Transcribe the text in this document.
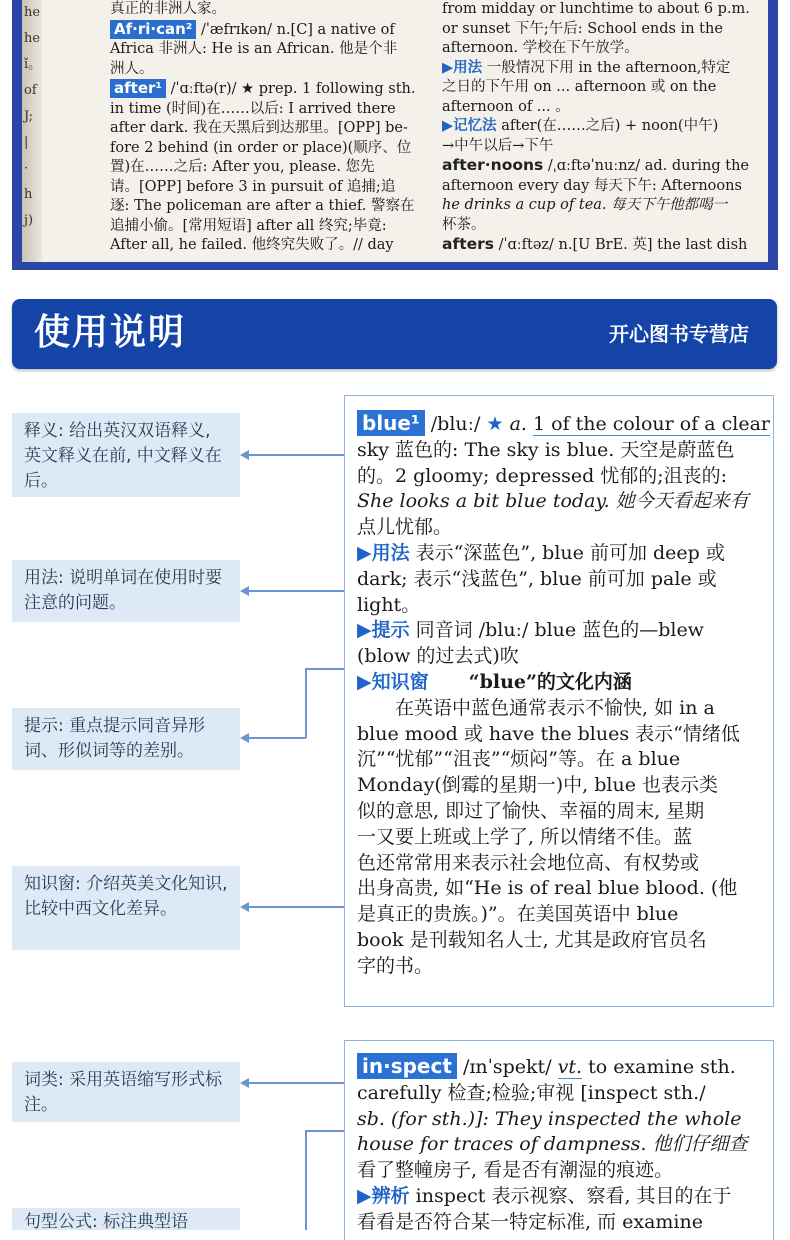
he
he
ǐ。
of
J;
|
·
h
j)
真正的非洲人家。
Af·ri·can² /ˈæfrɪkən/ n.[C] a native of
Africa 非洲人: He is an African. 他是个非
洲人。
after¹ /ˈɑːftə(r)/ ★ prep. 1 following sth.
in time (时间)在……以后: I arrived there
after dark. 我在天黑后到达那里。[OPP] be-
fore 2 behind (in order or place)(顺序、位
置)在……之后: After you, please. 您先
请。[OPP] before 3 in pursuit of 追捕;追
逐: The policeman are after a thief. 警察在
追捕小偷。[常用短语] after all 终究;毕竟:
After all, he failed. 他终究失败了。// day
from midday or lunchtime to about 6 p.m.
or sunset 下午;午后: School ends in the
afternoon. 学校在下午放学。
▶用法 一般情况下用 in the afternoon,特定
之日的下午用 on ... afternoon 或 on the
afternoon of ... 。
▶记忆法 after(在……之后) + noon(中午)
→中午以后→下午
after·noons /ˌɑːftəˈnuːnz/ ad. during the
afternoon every day 每天下午: Afternoons
he drinks a cup of tea. 每天下午他都喝一
杯茶。
afters /ˈɑːftəz/ n.[U BrE. 英] the last dish
使用说明	开心图书专营店
释义: 给出英汉双语释义, 英文释义在前, 中文释义在后。
用法: 说明单词在使用时要注意的问题。
提示: 重点提示同音异形词、形似词等的差别。
知识窗: 介绍英美文化知识, 比较中西文化差异。
词类: 采用英语缩写形式标注。
句型公式: 标注典型语
blue¹ /bluː/ ★ a. 1 of the colour of a clear
sky 蓝色的: The sky is blue. 天空是蔚蓝色
的。2 gloomy; depressed 忧郁的;沮丧的:
She looks a bit blue today. 她今天看起来有
点儿忧郁。
▶用法 表示“深蓝色”, blue 前可加 deep 或
dark; 表示“浅蓝色”, blue 前可加 pale 或
light。
▶提示 同音词 /bluː/ blue 蓝色的—blew
(blow 的过去式)吹
▶知识窗 “blue”的文化内涵
在英语中蓝色通常表示不愉快, 如 in a
blue mood 或 have the blues 表示“情绪低
沉”“忧郁”“沮丧”“烦闷”等。在 a blue
Monday(倒霉的星期一)中, blue 也表示类
似的意思, 即过了愉快、幸福的周末, 星期
一又要上班或上学了, 所以情绪不佳。蓝
色还常常用来表示社会地位高、有权势或
出身高贵, 如“He is of real blue blood. (他
是真正的贵族。)”。在美国英语中 blue
book 是刊载知名人士, 尤其是政府官员名
字的书。
in·spect /ɪnˈspekt/ vt. to examine sth.
carefully 检查;检验;审视 [inspect sth./
sb. (for sth.)]: They inspected the whole
house for traces of dampness. 他们仔细查
看了整幢房子, 看是否有潮湿的痕迹。
▶辨析 inspect 表示视察、察看, 其目的在于
看看是否符合某一特定标准, 而 examine
